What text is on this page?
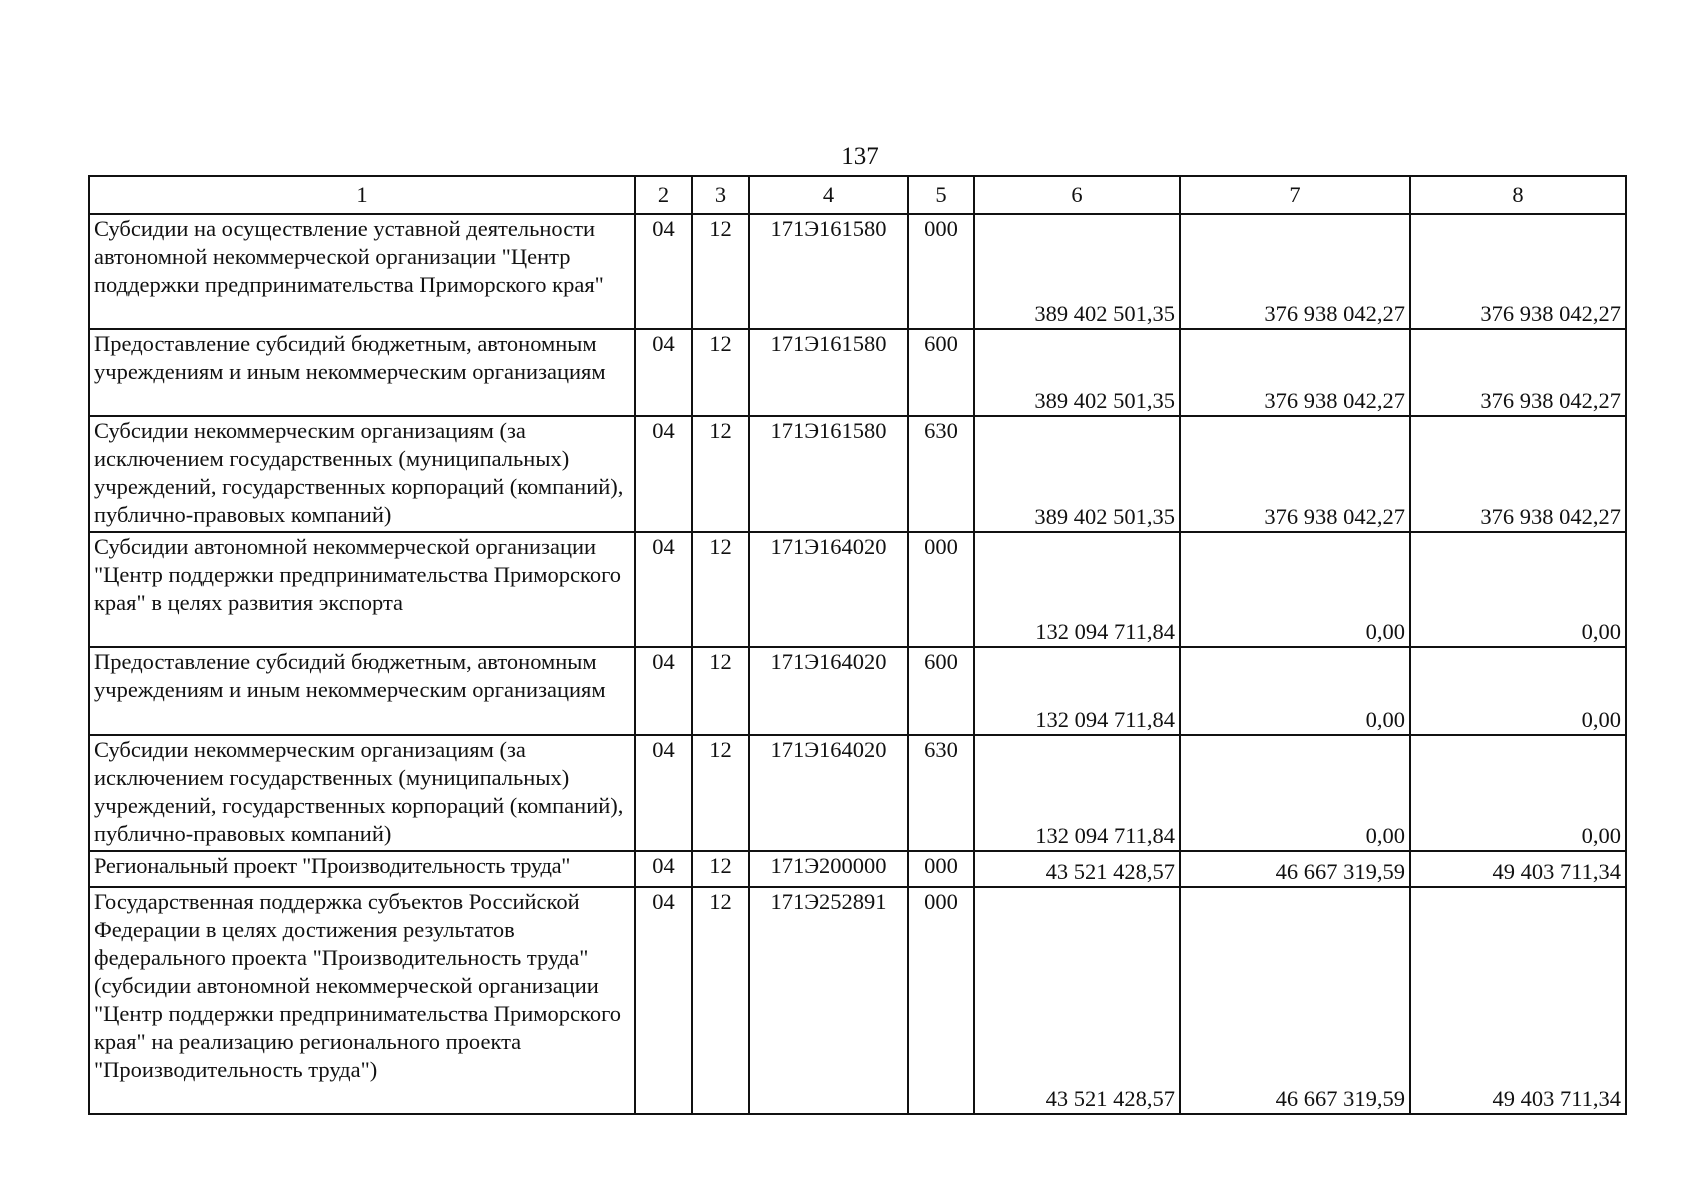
137
1	2	3	4	5	6	7	8
Субсидии на осуществление уставной деятельности автономной некоммерческой организации "Центр поддержки предпринимательства Приморского края"	04	12	171Э161580	000	389 402 501,35	376 938 042,27	376 938 042,27

Предоставление субсидий бюджетным, автономным учреждениям и иным некоммерческим организациям	04	12	171Э161580	600	389 402 501,35	376 938 042,27	376 938 042,27

Субсидии некоммерческим организациям (за исключением государственных (муниципальных) учреждений, государственных корпораций (компаний), публично-правовых компаний)	04	12	171Э161580	630	389 402 501,35	376 938 042,27	376 938 042,27

Субсидии автономной некоммерческой организации "Центр поддержки предпринимательства Приморского края" в целях развития экспорта	04	12	171Э164020	000	132 094 711,84	0,00	0,00

Предоставление субсидий бюджетным, автономным учреждениям и иным некоммерческим организациям	04	12	171Э164020	600	132 094 711,84	0,00	0,00

Субсидии некоммерческим организациям (за исключением государственных (муниципальных) учреждений, государственных корпораций (компаний), публично-правовых компаний)	04	12	171Э164020	630	132 094 711,84	0,00	0,00

Региональный проект "Производительность труда"	04	12	171Э200000	000	43 521 428,57	46 667 319,59	49 403 711,34

Государственная поддержка субъектов Российской Федерации в целях достижения результатов федерального проекта "Производительность труда" (субсидии автономной некоммерческой организации "Центр поддержки предпринимательства Приморского края" на реализацию регионального проекта "Производительность труда")	04	12	171Э252891	000	43 521 428,57	46 667 319,59	49 403 711,34
